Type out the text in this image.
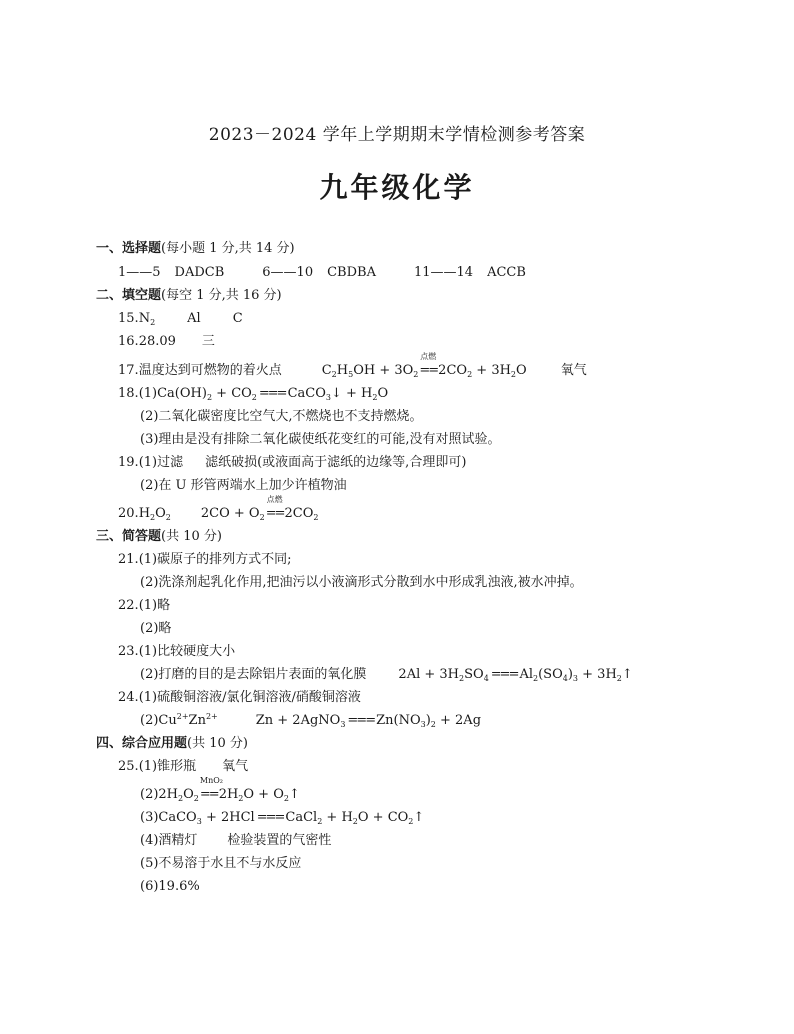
2023－2024 学年上学期期末学情检测参考答案
九年级化学
一、选择题(每小题 1 分,共 14 分)
1——5 DADCB	6——10 CBDBA	11——14 ACCB
二、填空题(每空 1 分,共 16 分)
$15.N_2$ Al C
16.28.09 三
17.温度达到可燃物的着火点	$C_2H_5OH + 3O_2$
点燃
$==2CO_2 + 3H_2O$	氧气
$18.(1)Ca(OH)_2 + CO_2$ === CaCO$_3$↓ + $H_2O$
(2)二氧化碳密度比空气大,不燃烧也不支持燃烧。
(3)理由是没有排除二氧化碳使纸花变红的可能,没有对照试验。
19.(1)过滤 滤纸破损(或液面高于滤纸的边缘等,合理即可)
(2)在 U 形管两端水上加少许植物油
$20.H_2O_2$ $2CO + O_2$
点燃
$==2CO_2$
三、简答题(共 10 分)
21.(1)碳原子的排列方式不同;
(2)洗涤剂起乳化作用,把油污以小液滴形式分散到水中形成乳浊液,被水冲掉。
22.(1)略
(2)略
23.(1)比较硬度大小
(2)打磨的目的是去除铝片表面的氧化膜 $2Al + 3H_2SO_4$ === $Al_2(SO_4)_3$ + $3H_2↑$
24.(1)硫酸铜溶液/氯化铜溶液/硝酸铜溶液
$(2)Cu^{2+}Zn^{2+}$	Zn + 2AgNO$_3$ === $Zn(NO_3)_2 + 2Ag$
四、综合应用题(共 10 分)
25.(1)锥形瓶 氧气
$(2)2H_2O_2$
MnO₂
$==2H_2O$ + $O_2↑$
(3)CaCO$_3$ + 2HCl === CaCl$_2$ + $H_2O$ + $CO_2↑$
(4)酒精灯 检验装置的气密性
(5)不易溶于水且不与水反应
(6)19.6%
